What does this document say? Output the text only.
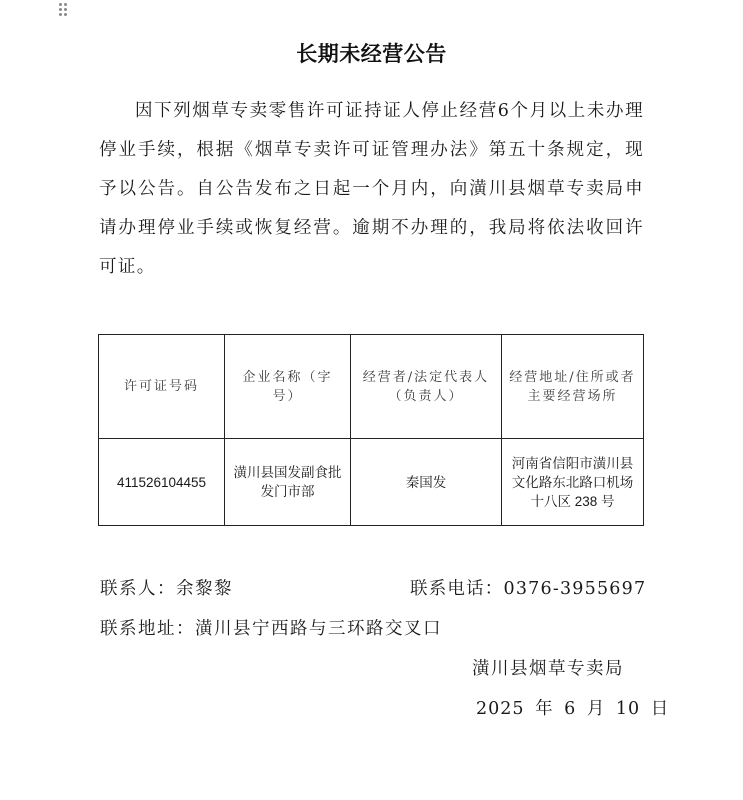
长期未经营公告

因下列烟草专卖零售许可证持证人停止经营6个月以上未办理停业手续，根据《烟草专卖许可证管理办法》第五十条规定，现予以公告。自公告发布之日起一个月内，向潢川县烟草专卖局申请办理停业手续或恢复经营。逾期不办理的，我局将依法收回许可证。

许可证号码	企业名称（字号）	经营者/法定代表人（负责人）	经营地址/住所或者主要经营场所
411526104455	潢川县国发副食批发门市部	秦国发	河南省信阳市潢川县文化路东北路口机场十八区 238 号

联系人：余黎黎	联系电话：0376-3955697

联系地址：潢川县宁西路与三环路交叉口

潢川县烟草专卖局

2025 年 6 月 10 日
